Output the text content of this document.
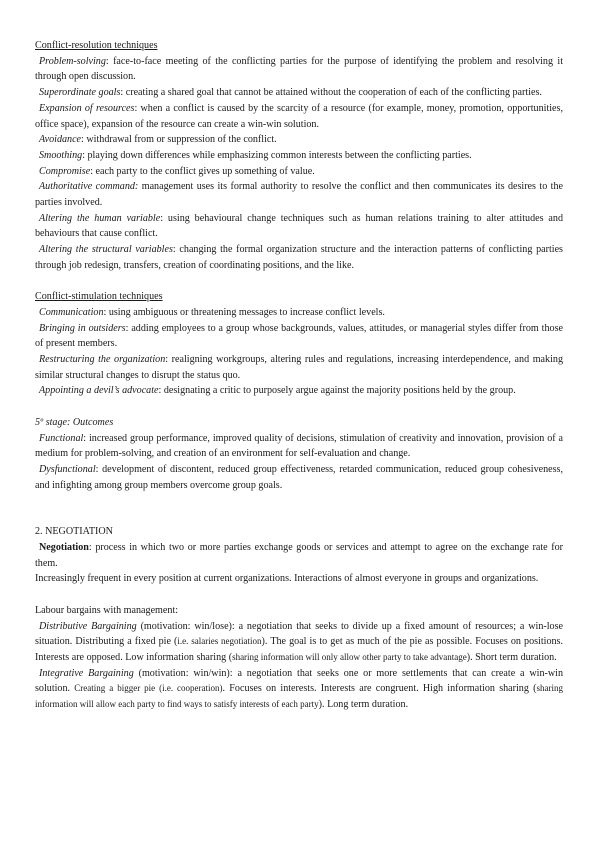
Conflict-resolution techniques

Problem-solving: face-to-face meeting of the conflicting parties for the purpose of identifying the problem and resolving it through open discussion.

Superordinate goals: creating a shared goal that cannot be attained without the cooperation of each of the conflicting parties.

Expansion of resources: when a conflict is caused by the scarcity of a resource (for example, money, promotion, opportunities, office space), expansion of the resource can create a win-win solution.

Avoidance: withdrawal from or suppression of the conflict.

Smoothing: playing down differences while emphasizing common interests between the conflicting parties.

Compromise: each party to the conflict gives up something of value.

Authoritative command: management uses its formal authority to resolve the conflict and then communicates its desires to the parties involved.

Altering the human variable: using behavioural change techniques such as human relations training to alter attitudes and behaviours that cause conflict.

Altering the structural variables: changing the formal organization structure and the interaction patterns of conflicting parties through job redesign, transfers, creation of coordinating positions, and the like.

Conflict-stimulation techniques

Communication: using ambiguous or threatening messages to increase conflict levels.

Bringing in outsiders: adding employees to a group whose backgrounds, values, attitudes, or managerial styles differ from those of present members.

Restructuring the organization: realigning workgroups, altering rules and regulations, increasing interdependence, and making similar structural changes to disrupt the status quo.

Appointing a devil’s advocate: designating a critic to purposely argue against the majority positions held by the group.

5º stage: Outcomes

Functional: increased group performance, improved quality of decisions, stimulation of creativity and innovation, provision of a medium for problem-solving, and creation of an environment for self-evaluation and change.

Dysfunctional: development of discontent, reduced group effectiveness, retarded communication, reduced group cohesiveness, and infighting among group members overcome group goals.

2. NEGOTIATION

Negotiation: process in which two or more parties exchange goods or services and attempt to agree on the exchange rate for them.

Increasingly frequent in every position at current organizations. Interactions of almost everyone in groups and organizations.

Labour bargains with management:

Distributive Bargaining (motivation: win/lose): a negotiation that seeks to divide up a fixed amount of resources; a win-lose situation. Distributing a fixed pie (i.e. salaries negotiation). The goal is to get as much of the pie as possible. Focuses on positions. Interests are opposed. Low information sharing (sharing information will only allow other party to take advantage). Short term duration.

Integrative Bargaining (motivation: win/win): a negotiation that seeks one or more settlements that can create a win-win solution. Creating a bigger pie (i.e. cooperation). Focuses on interests. Interests are congruent. High information sharing (sharing information will allow each party to find ways to satisfy interests of each party). Long term duration.
